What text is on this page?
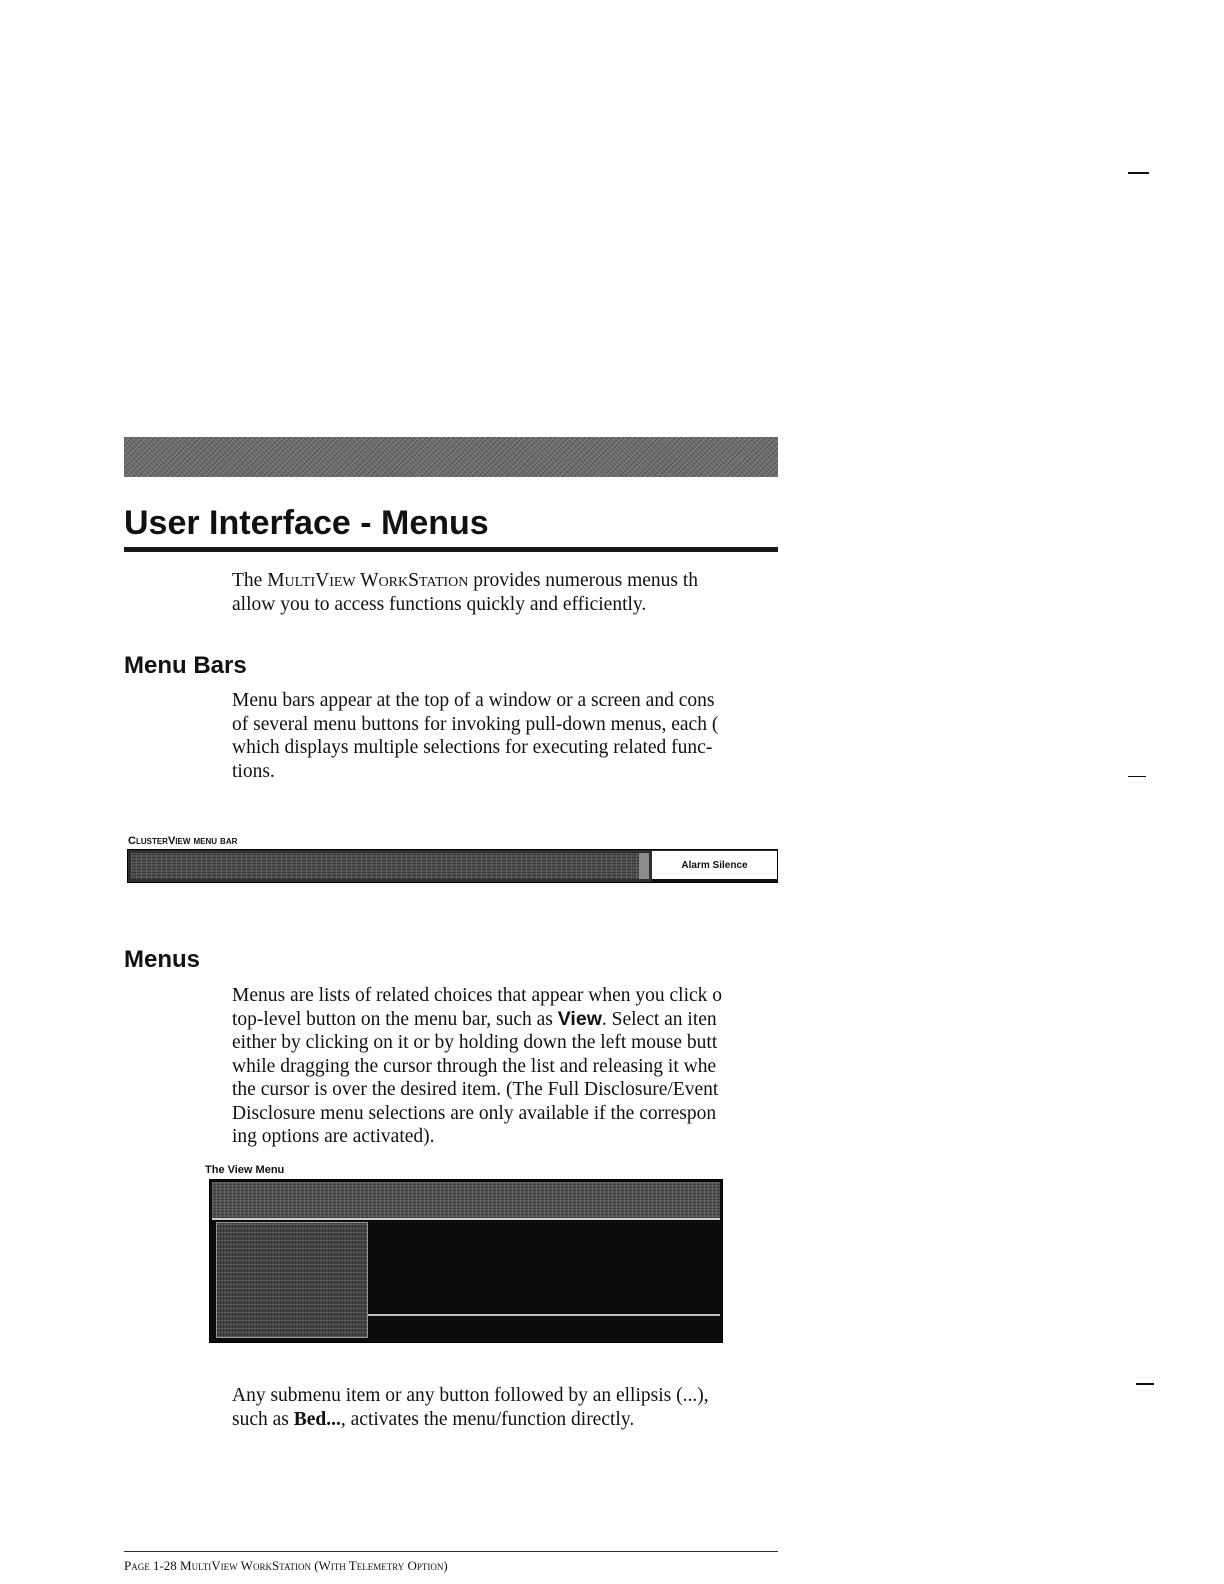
User Interface - Menus

The MultiView WorkStation provides numerous menus th
allow you to access functions quickly and efficiently.

Menu Bars

Menu bars appear at the top of a window or a screen and cons
of several menu buttons for invoking pull-down menus, each (
which displays multiple selections for executing related func-
tions.

ClusterView menu bar
Alarm Silence
Menus

Menus are lists of related choices that appear when you click o
top-level button on the menu bar, such as View. Select an iten
either by clicking on it or by holding down the left mouse butt
while dragging the cursor through the list and releasing it whe
the cursor is over the desired item. (The Full Disclosure/Event
Disclosure menu selections are only available if the correspon
ing options are activated).

The View Menu

Any submenu item or any button followed by an ellipsis (...),
such as Bed..., activates the menu/function directly.

Page 1-28 MultiView WorkStation (With Telemetry Option)
